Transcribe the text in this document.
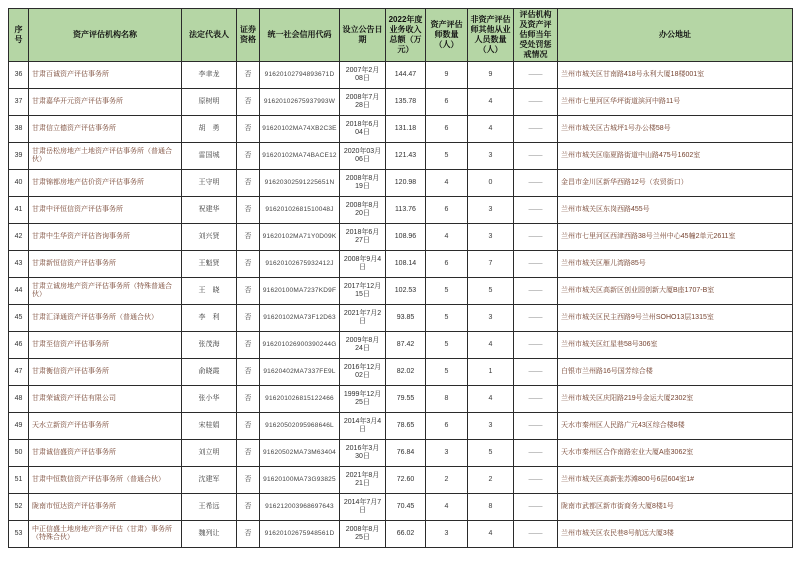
序号	资产评估机构名称	法定代表人	证券资格	统一社会信用代码	设立公告日期	2022年度业务收入总额（万元）	资产评估师数量（人）	非资产评估师其他从业人员数量（人）	评估机构及资产评估师当年受处罚惩戒情况	办公地址
36	甘肃百诚资产评估事务所	李聿龙	否	91620102794893671D	2007年2月08日	144.47	9	9	——	兰州市城关区甘南路418号永利大厦18楼001室
37	甘肃嘉华开元资产评估事务所	原树明	否	91620102675937993W	2008年7月28日	135.78	6	4	——	兰州市七里河区华坪街道滨河中路11号
38	甘肃信立德资产评估事务所	胡　勇	否	91620102MA74XB2C3E	2018年6月04日	131.18	6	4	——	兰州市城关区古城坪1号办公楼58号
39	甘肃岳松房地产土地资产评估事务所（普通合伙）	雷国城	否	91620102MA74BACE12	2020年03月06日	121.43	5	3	——	兰州市城关区临夏路街道中山路475号1602室
40	甘肃锦都房地产估价资产评估事务所	王守明	否	91620302591225651N	2008年8月19日	120.98	4	0	——	金昌市金川区新华西路12号（农贸街口）
41	甘肃中评恒信资产评估事务所	祝建华	否	91620102681510048J	2008年8月20日	113.76	6	3	——	兰州市城关区东岗西路455号
42	甘肃中生华资产评估咨询事务所	刘兴贤	否	91620102MA71Y0D09K	2018年6月27日	108.96	4	3	——	兰州市七里河区西津西路38号兰州中心45幢2单元2611室
43	甘肃新恒信资产评估事务所	王魁贤	否	91620102675932412J	2008年9月4日	108.14	6	7	——	兰州市城关区雁儿湾路85号
44	甘肃立诚房地产资产评估事务所（特殊普通合伙）	王　晓	否	91620100MA7237KD9F	2017年12月15日	102.53	5	5	——	兰州市城关区高新区创业园创新大厦B座1707-B室
45	甘肃汇泽通资产评估事务所（普通合伙）	李　利	否	91620102MA73F12D63	2021年7月2日	93.85	5	3	——	兰州市城关区民主西路9号兰州SOHO13层1315室
46	甘肃至信资产评估事务所	张茂海	否	916201026900390244G	2009年8月24日	87.42	5	4	——	兰州市城关区红星巷58号306室
47	甘肃衡信资产评估事务所	俞晓霞	否	91620402MA7337FE9L	2016年12月02日	82.02	5	1	——	白银市兰州路16号国芳综合楼
48	甘肃荣诚资产评估有限公司	张小华	否	916201026815122466	1999年12月25日	79.55	8	4	——	兰州市城关区庆阳路219号金运大厦2302室
49	天水立新资产评估事务所	宋桂娟	否	91620502095968646L	2014年3月4日	78.65	6	3	——	天水市秦州区人民路广元43区综合楼8楼
50	甘肃诚信盛资产评估事务所	刘立明	否	91620502MA73M63404	2016年3月30日	76.84	3	5	——	天水市秦州区合作南路宏业大厦A座3062室
51	甘肃中恒数信资产评估事务所（普通合伙）	沈建军	否	91620100MA73G93825	2021年8月21日	72.60	2	2	——	兰州市城关区高新张苏滩800号6层604室1#
52	陇南市恒达资产评估事务所	王希远	否	916212003968697643	2014年7月7日	70.45	4	8	——	陇南市武都区新市街商务大厦8楼1号
53	中正信盛土地房地产资产评估（甘肃）事务所（特殊合伙）	魏列让	否	91620102675948561D	2008年8月25日	66.02	3	4	——	兰州市城关区农民巷8号航远大厦3楼
